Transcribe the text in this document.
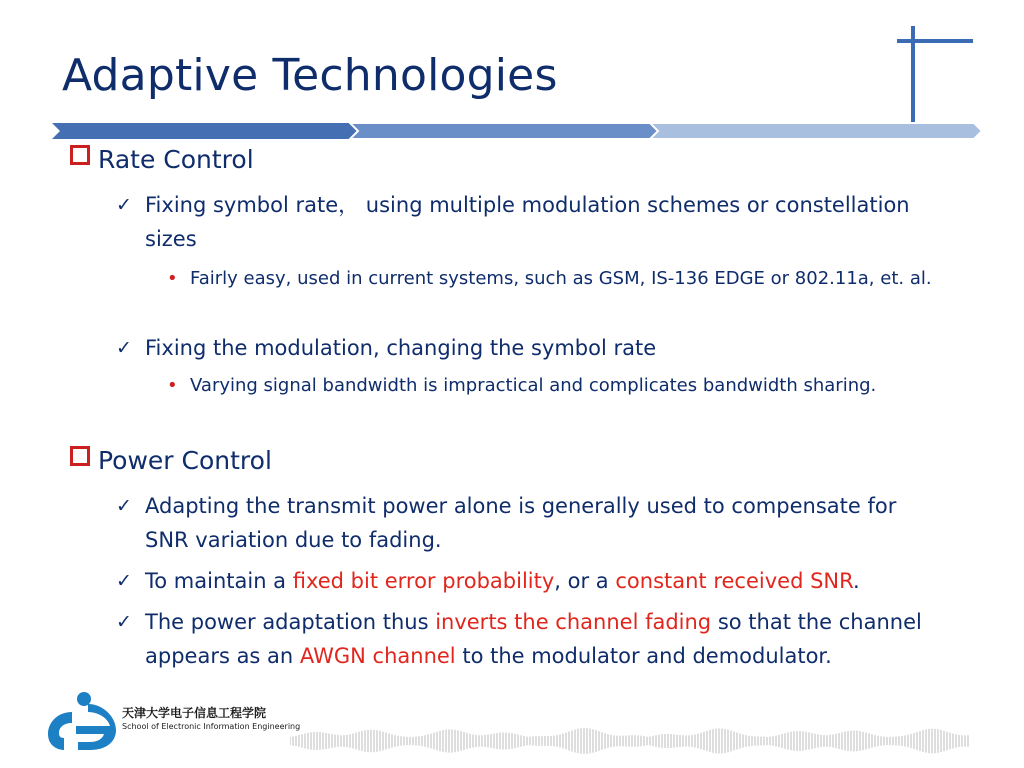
Adaptive Technologies
Rate Control
✓ Fixing symbol rate， using multiple modulation schemes or constellation sizes
• Fairly easy, used in current systems, such as GSM, IS-136 EDGE or 802.11a, et. al.
✓ Fixing the modulation, changing the symbol rate
• Varying signal bandwidth is impractical and complicates bandwidth sharing.
Power Control
✓ Adapting the transmit power alone is generally used to compensate for SNR variation due to fading.
✓ To maintain a fixed bit error probability, or a constant received SNR.
✓ The power adaptation thus inverts the channel fading so that the channel appears as an AWGN channel to the modulator and demodulator.
天津大学电子信息工程学院
School of Electronic Information Engineering
